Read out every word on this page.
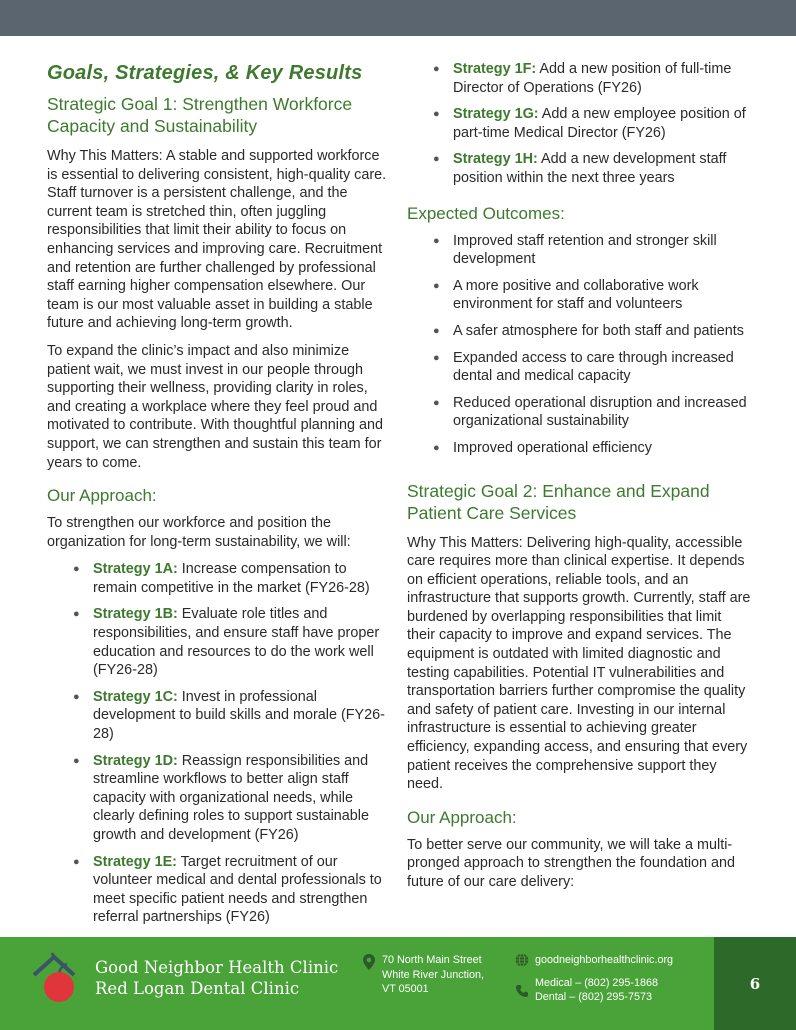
Goals, Strategies, & Key Results
Strategic Goal 1: Strengthen Workforce Capacity and Sustainability

Why This Matters: A stable and supported workforce is essential to delivering consistent, high-quality care. Staff turnover is a persistent challenge, and the current team is stretched thin, often juggling responsibilities that limit their ability to focus on enhancing services and improving care. Recruitment and retention are further challenged by professional staff earning higher compensation elsewhere. Our team is our most valuable asset in building a stable future and achieving long-term growth.

To expand the clinic’s impact and also minimize patient wait, we must invest in our people through supporting their wellness, providing clarity in roles, and creating a workplace where they feel proud and motivated to contribute. With thoughtful planning and support, we can strengthen and sustain this team for years to come.

Our Approach:

To strengthen our workforce and position the organization for long-term sustainability, we will:

● Strategy 1A: Increase compensation to remain competitive in the market (FY26-28)
● Strategy 1B: Evaluate role titles and responsibilities, and ensure staff have proper education and resources to do the work well (FY26-28)
● Strategy 1C: Invest in professional development to build skills and morale (FY26-28)
● Strategy 1D: Reassign responsibilities and streamline workflows to better align staff capacity with organizational needs, while clearly defining roles to support sustainable growth and development (FY26)
● Strategy 1E: Target recruitment of our volunteer medical and dental professionals to meet specific patient needs and strengthen referral partnerships (FY26)
● Strategy 1F: Add a new position of full-time Director of Operations (FY26)
● Strategy 1G: Add a new employee position of part-time Medical Director (FY26)
● Strategy 1H: Add a new development staff position within the next three years
Expected Outcomes:
● Improved staff retention and stronger skill development
● A more positive and collaborative work environment for staff and volunteers
● A safer atmosphere for both staff and patients
● Expanded access to care through increased dental and medical capacity
● Reduced operational disruption and increased organizational sustainability
● Improved operational efficiency
Strategic Goal 2: Enhance and Expand Patient Care Services

Why This Matters: Delivering high-quality, accessible care requires more than clinical expertise. It depends on efficient operations, reliable tools, and an infrastructure that supports growth. Currently, staff are burdened by overlapping responsibilities that limit their capacity to improve and expand services. The equipment is outdated with limited diagnostic and testing capabilities. Potential IT vulnerabilities and transportation barriers further compromise the quality and safety of patient care. Investing in our internal infrastructure is essential to achieving greater efficiency, expanding access, and ensuring that every patient receives the comprehensive support they need.

Our Approach:

To better serve our community, we will take a multi-pronged approach to strengthen the foundation and future of our care delivery:

Good Neighbor Health Clinic
Red Logan Dental Clinic
70 North Main Street
White River Junction,
VT 05001
goodneighborhealthclinic.org
Medical – (802) 295-1868
Dental – (802) 295-7573
6
